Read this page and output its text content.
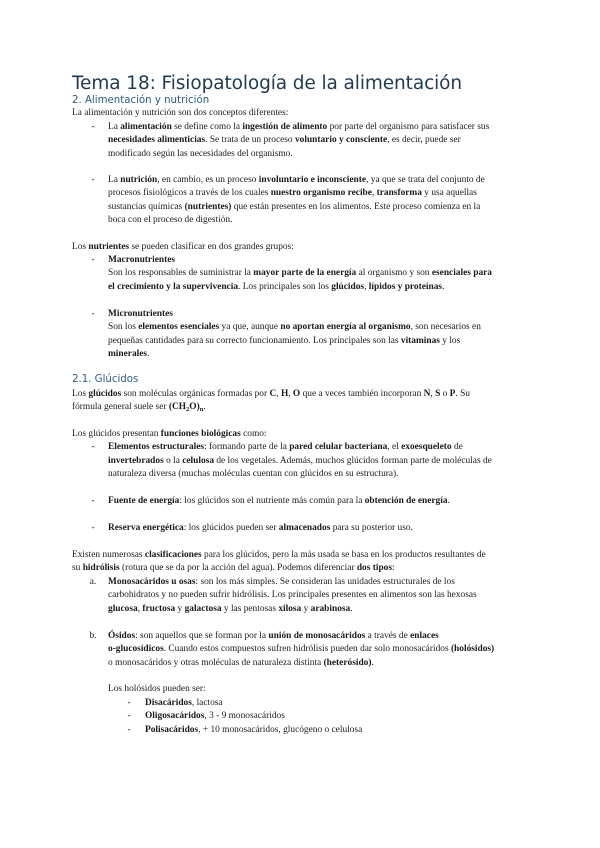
Tema 18: Fisiopatología de la alimentación
2. Alimentación y nutrición
La alimentación y nutrición son dos conceptos diferentes:
-	La alimentación se define como la ingestión de alimento por parte del organismo para satisfacer sus
necesidades alimenticias. Se trata de un proceso voluntario y consciente, es decir, puede ser
modificado según las necesidades del organismo.
-	La nutrición, en cambio, es un proceso involuntario e inconsciente, ya que se trata del conjunto de
procesos fisiológicos a través de los cuales nuestro organismo recibe, transforma y usa aquellas
sustancias químicas (nutrientes) que están presentes en los alimentos. Este proceso comienza en la
boca con el proceso de digestión.
Los nutrientes se pueden clasificar en dos grandes grupos:
-	Macronutrientes
Son los responsables de suministrar la mayor parte de la energía al organismo y son esenciales para
el crecimiento y la supervivencia. Los principales son los glúcidos, lípidos y proteínas.
-	Micronutrientes
Son los elementos esenciales ya que, aunque no aportan energía al organismo, son necesarios en
pequeñas cantidades para su correcto funcionamiento. Los principales son las vitaminas y los
minerales.
2.1. Glúcidos
Los glúcidos son moléculas orgánicas formadas por C, H, O que a veces también incorporan N, S o P. Su
fórmula general suele ser $(CH_2O)_n$.
Los glúcidos presentan funciones biológicas como:
-	Elementos estructurales: formando parte de la pared celular bacteriana, el exoesqueleto de
invertebrados o la celulosa de los vegetales. Además, muchos glúcidos forman parte de moléculas de
naturaleza diversa (muchas moléculas cuentan con glúcidos en su estructura).
-	Fuente de energía: los glúcidos son el nutriente más común para la obtención de energía.
-	Reserva energética: los glúcidos pueden ser almacenados para su posterior uso.
Existen numerosas clasificaciones para los glúcidos, pero la más usada se basa en los productos resultantes de
su hidrólisis (rotura que se da por la acción del agua). Podemos diferenciar dos tipos:
a. Monosacáridos u osas: son los más simples. Se consideran las unidades estructurales de los
carbohidratos y no pueden sufrir hidrólisis. Los principales presentes en alimentos son las hexosas
glucosa, fructosa y galactosa y las pentosas xilosa y arabinosa.
b. Ósidos: son aquellos que se forman por la unión de monosacáridos a través de enlaces
o-glucosídicos. Cuando estos compuestos sufren hidrólisis pueden dar solo monosacáridos (holósidos)
o monosacáridos y otras moléculas de naturaleza distinta (heterósido).
Los holósidos pueden ser:
-	Disacáridos, lactosa
-	Oligosacáridos, 3 - 9 monosacáridos
-	Polisacáridos, + 10 monosacáridos, glucógeno o celulosa
